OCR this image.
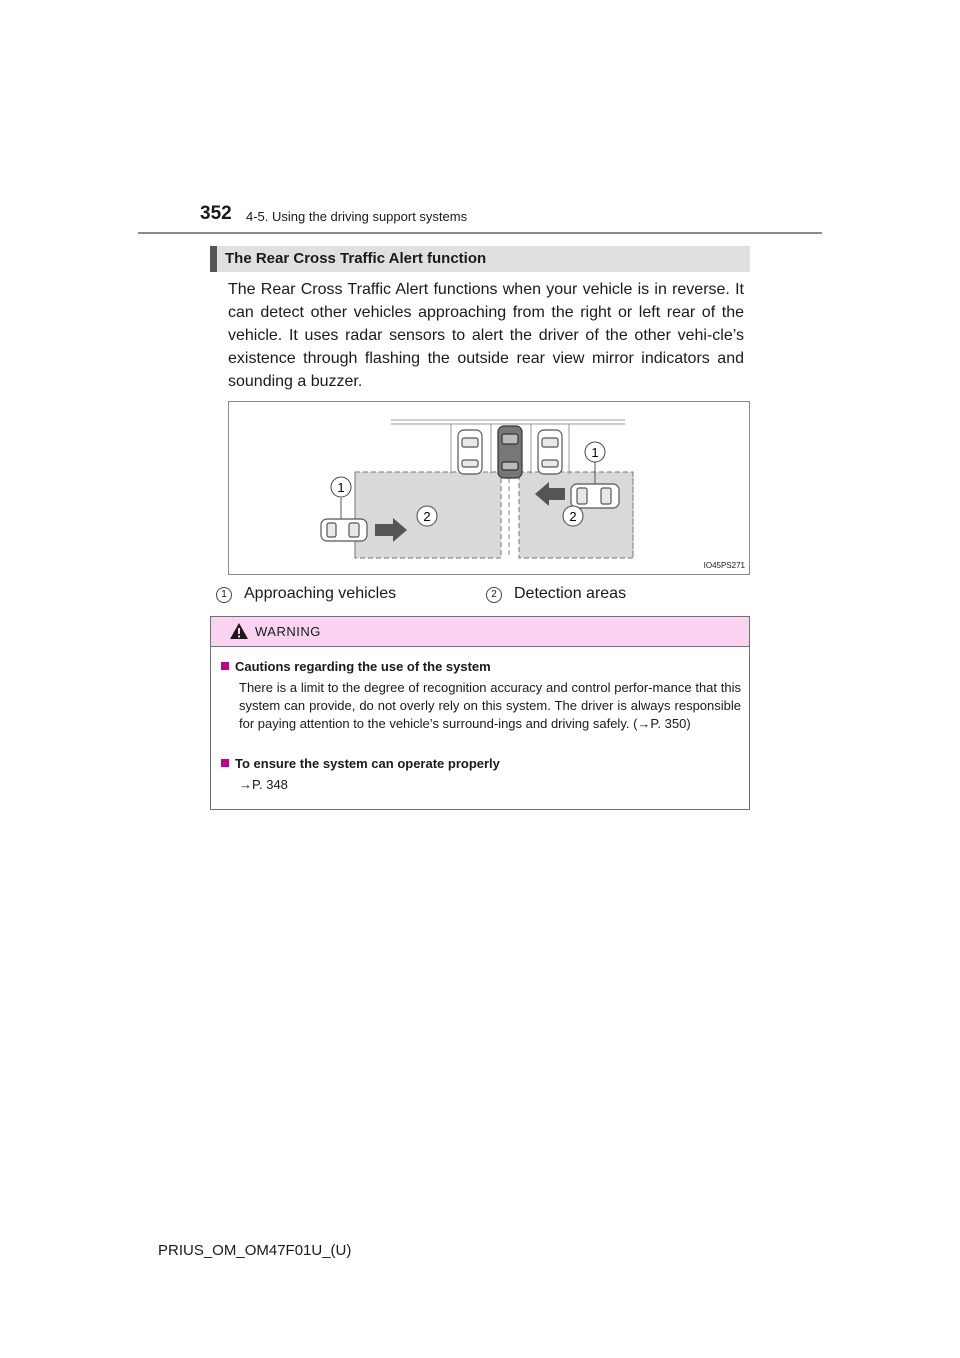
352 4-5. Using the driving support systems
The Rear Cross Traffic Alert function

The Rear Cross Traffic Alert functions when your vehicle is in reverse. It can detect other vehicles approaching from the right or left rear of the vehicle. It uses radar sensors to alert the driver of the other vehi-cle’s existence through flashing the outside rear view mirror indicators and sounding a buzzer.

1
1
2	2
IO45PS271
1 Approaching vehicles	2 Detection areas
WARNING
Cautions regarding the use of the system

There is a limit to the degree of recognition accuracy and control perfor-mance that this system can provide, do not overly rely on this system. The driver is always responsible for paying attention to the vehicle’s surround-ings and driving safely. (→P. 350)

To ensure the system can operate properly

→P. 348

PRIUS_OM_OM47F01U_(U)
